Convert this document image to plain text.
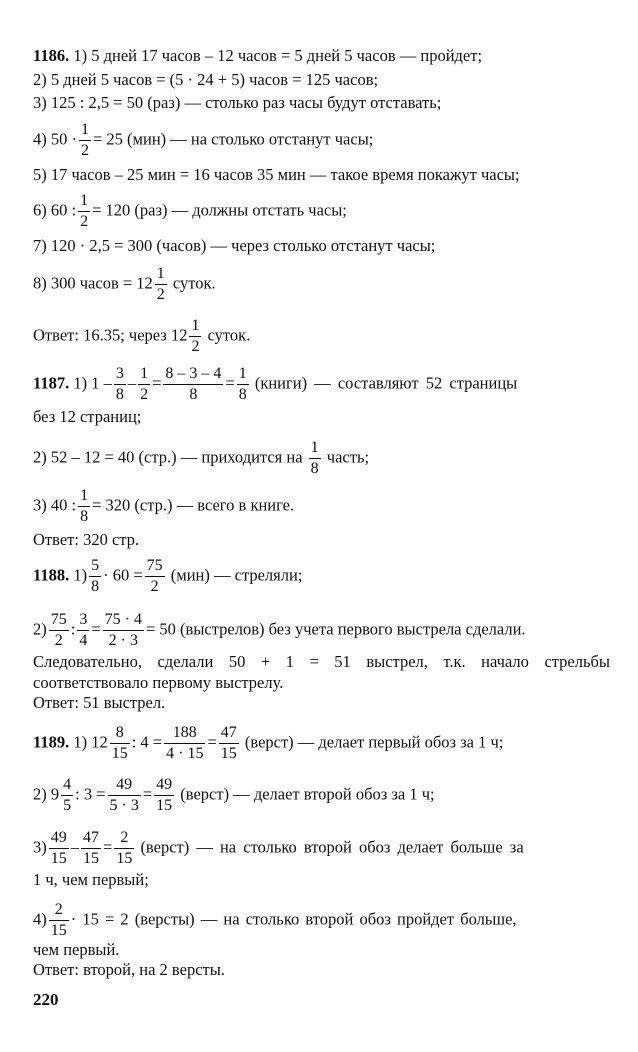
1186. 1) 5 дней 17 часов – 12 часов = 5 дней 5 часов — пройдет;
2) 5 дней 5 часов = (5 · 24 + 5) часов = 125 часов;
3) 125 : 2,5 = 50 (раз) — столько раз часы будут отставать;
4) $50 \cdot \frac{1}{2} = 25$ (мин) — на столько отстанут часы;
5) 17 часов – 25 мин = 16 часов 35 мин — такое время покажут часы;
6) 60 : $\frac{1}{2} = 120$ (раз) — должны отстать часы;
7) 120 · 2,5 = 300 (часов) — через столько отстанут часы;
8) 300 часов = $12 \frac{1}{2}$ суток.
Ответ: 16.35; через $12 \frac{1}{2}$ суток.
1187. 1) $1 - \frac{3}{8} - \frac{1}{2} = \frac{8 - 3 - 4}{8} = \frac{1}{8}$ (книги) — составляют 52 страницы
без 12 страниц;
2) 52 – 12 = 40 (стр.) — приходится на $\frac{1}{8}$ часть;
3) 40 : $\frac{1}{8} = 320$ (стр.) — всего в книге.
Ответ: 320 стр.
1188. $1) \frac{5}{8} \cdot 60 = \frac{75}{2} (мин)$ — стреляли;
$2) \frac{75}{2}$ : $\frac{3}{4} = \frac{75 \cdot 4}{2 \cdot 3} = 50$ (выстрелов) без учета первого выстрела сделали.
Следовательно, сделали 50 + 1 = 51 выстрел, т.к. начало стрельбы
соответствовало первому выстрелу.
Ответ: 51 выстрел.
1189. 1) $12 \frac{8}{15}$ : $4 = \frac{188}{4 \cdot 15} = \frac{47}{15}$ (верст) — делает первый обоз за 1 ч;
2) $9 \frac{4}{5}$ : $3 = \frac{49}{5 \cdot 3} = \frac{49}{15}$ (верст) — делает второй обоз за 1 ч;
$3) \frac{49}{15} - \frac{47}{15} = \frac{2}{15}$ (верст) — на столько второй обоз делает больше за
1 ч, чем первый;
$4) \frac{2}{15} \cdot 15 = 2$ (версты) — на столько второй обоз пройдет больше,
чем первый.
Ответ: второй, на 2 версты.
220
